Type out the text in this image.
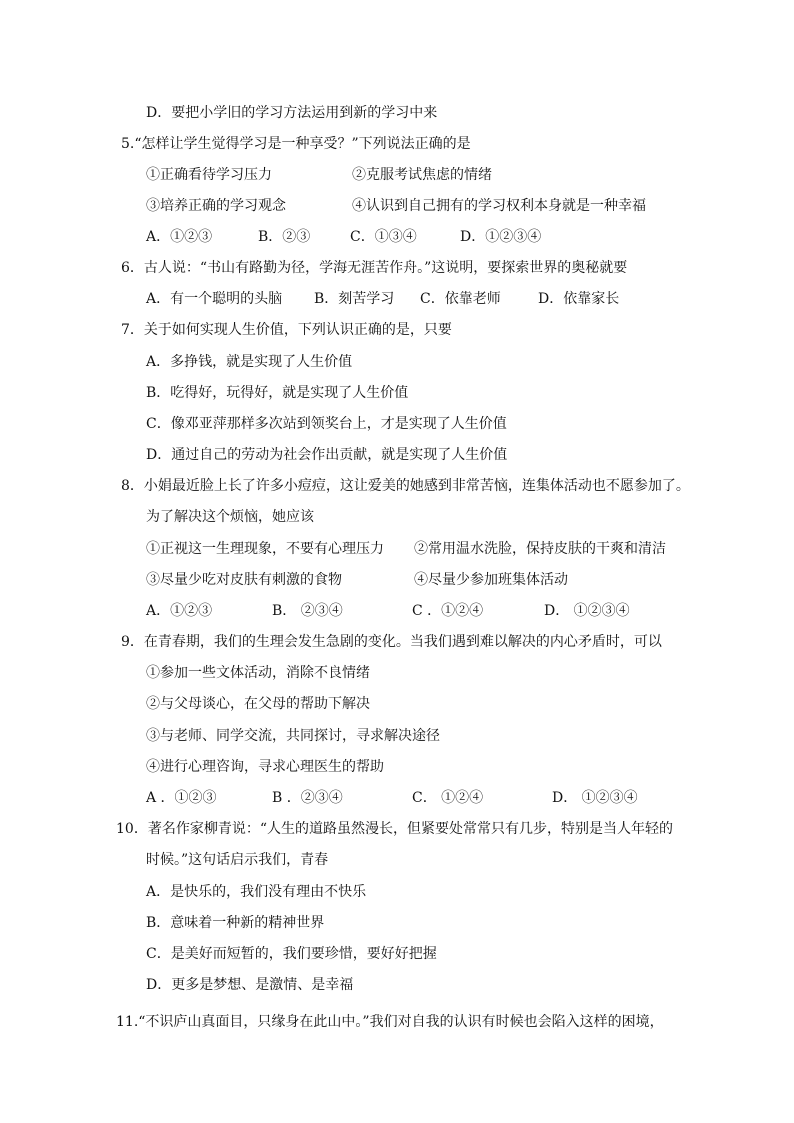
D．要把小学旧的学习方法运用到新的学习中来
5.“怎样让学生觉得学习是一种享受？”下列说法正确的是
①正确看待学习压力	②克服考试焦虑的情绪
③培养正确的学习观念	④认识到自己拥有的学习权利本身就是一种幸福
A．①②③	B．②③	C．①③④	D．①②③④
6．古人说：“书山有路勤为径，学海无涯苦作舟。”这说明，要探索世界的奥秘就要
A．有一个聪明的头脑 B．刻苦学习 C．依靠老师	D．依靠家长
7．关于如何实现人生价值，下列认识正确的是，只要
A．多挣钱，就是实现了人生价值
B．吃得好，玩得好，就是实现了人生价值
C．像邓亚萍那样多次站到领奖台上，才是实现了人生价值
D．通过自己的劳动为社会作出贡献，就是实现了人生价值
8．小娟最近脸上长了许多小痘痘，这让爱美的她感到非常苦恼，连集体活动也不愿参加了。
为了解决这个烦恼，她应该
①正视这一生理现象，不要有心理压力 ②常用温水洗脸，保持皮肤的干爽和清洁
③尽量少吃对皮肤有刺激的食物	④尽量少参加班集体活动
A．①②③	B． ②③④	C ．①②④	D． ①②③④
9．在青春期，我们的生理会发生急剧的变化。当我们遇到难以解决的内心矛盾时，可以
①参加一些文体活动，消除不良情绪
②与父母谈心，在父母的帮助下解决
③与老师、同学交流，共同探讨，寻求解决途径
④进行心理咨询，寻求心理医生的帮助
A ．①②③	B ．②③④	C． ①②④	D． ①②③④
10．著名作家柳青说：“人生的道路虽然漫长，但紧要处常常只有几步，特别是当人年轻的
时候。”这句话启示我们，青春
A．是快乐的，我们没有理由不快乐
B．意味着一种新的精神世界
C．是美好而短暂的，我们要珍惜，要好好把握
D．更多是梦想、是激情、是幸福
11.“不识庐山真面目，只缘身在此山中。”我们对自我的认识有时候也会陷入这样的困境，
